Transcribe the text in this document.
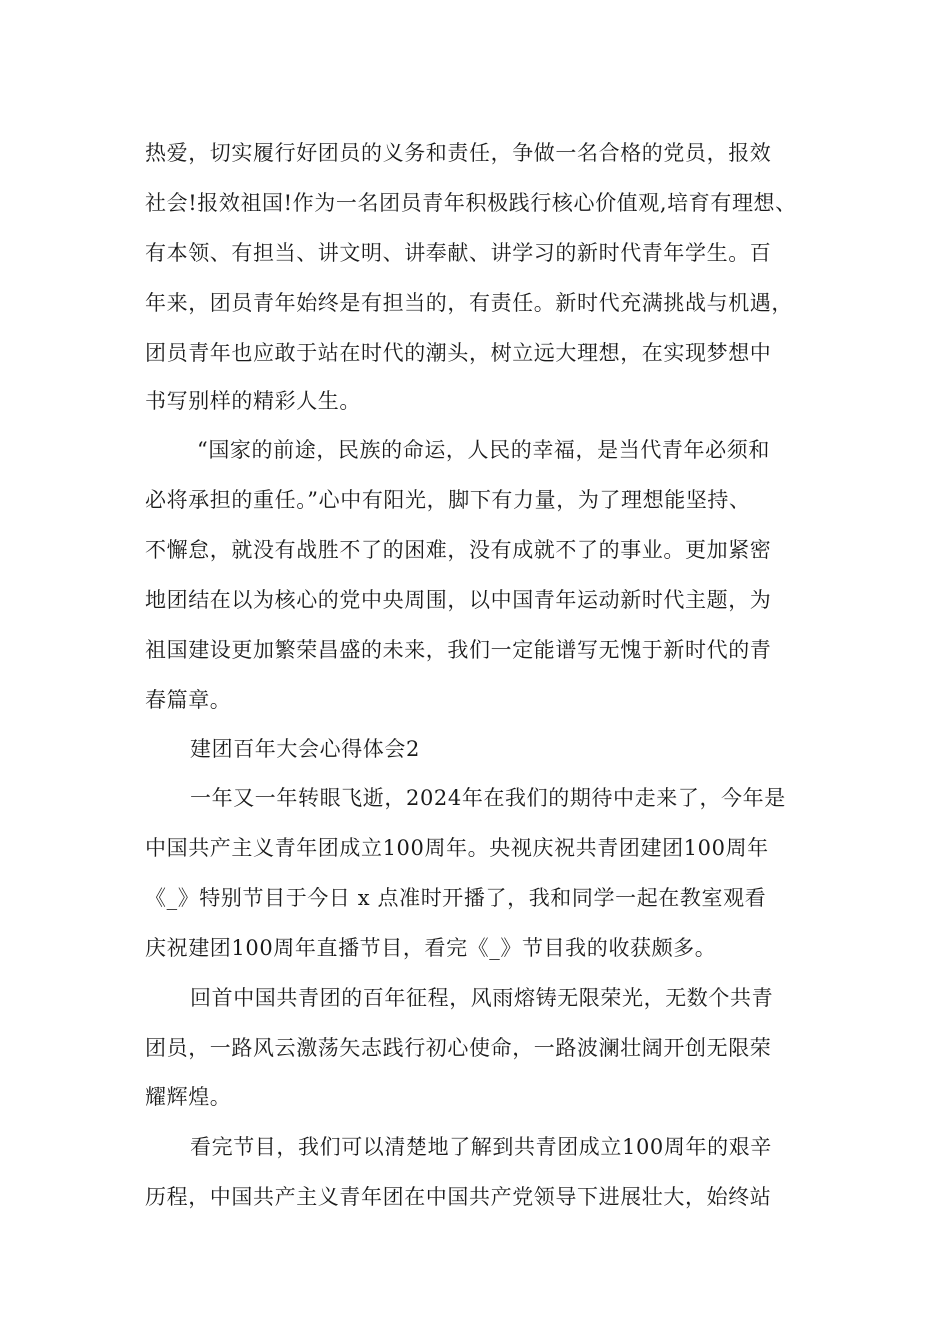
热爱，切实履行好团员的义务和责任，争做一名合格的党员，报效
社会!报效祖国!作为一名团员青年积极践行核心价值观,培育有理想、
有本领、有担当、讲文明、讲奉献、讲学习的新时代青年学生。百
年来，团员青年始终是有担当的，有责任。新时代充满挑战与机遇，
团员青年也应敢于站在时代的潮头，树立远大理想，在实现梦想中
书写别样的精彩人生。
“国家的前途，民族的命运，人民的幸福，是当代青年必须和
必将承担的重任。”心中有阳光，脚下有力量，为了理想能坚持、
不懈怠，就没有战胜不了的困难，没有成就不了的事业。更加紧密
地团结在以为核心的党中央周围，以中国青年运动新时代主题，为
祖国建设更加繁荣昌盛的未来，我们一定能谱写无愧于新时代的青
春篇章。
建团百年大会心得体会2
一年又一年转眼飞逝，2024年在我们的期待中走来了，今年是
中国共产主义青年团成立100周年。央视庆祝共青团建团100周年
《_》特别节目于今日 x 点准时开播了，我和同学一起在教室观看
庆祝建团100周年直播节目，看完《_》节目我的收获颇多。
回首中国共青团的百年征程，风雨熔铸无限荣光，无数个共青
团员，一路风云激荡矢志践行初心使命，一路波澜壮阔开创无限荣
耀辉煌。
看完节目，我们可以清楚地了解到共青团成立100周年的艰辛
历程，中国共产主义青年团在中国共产党领导下进展壮大，始终站
